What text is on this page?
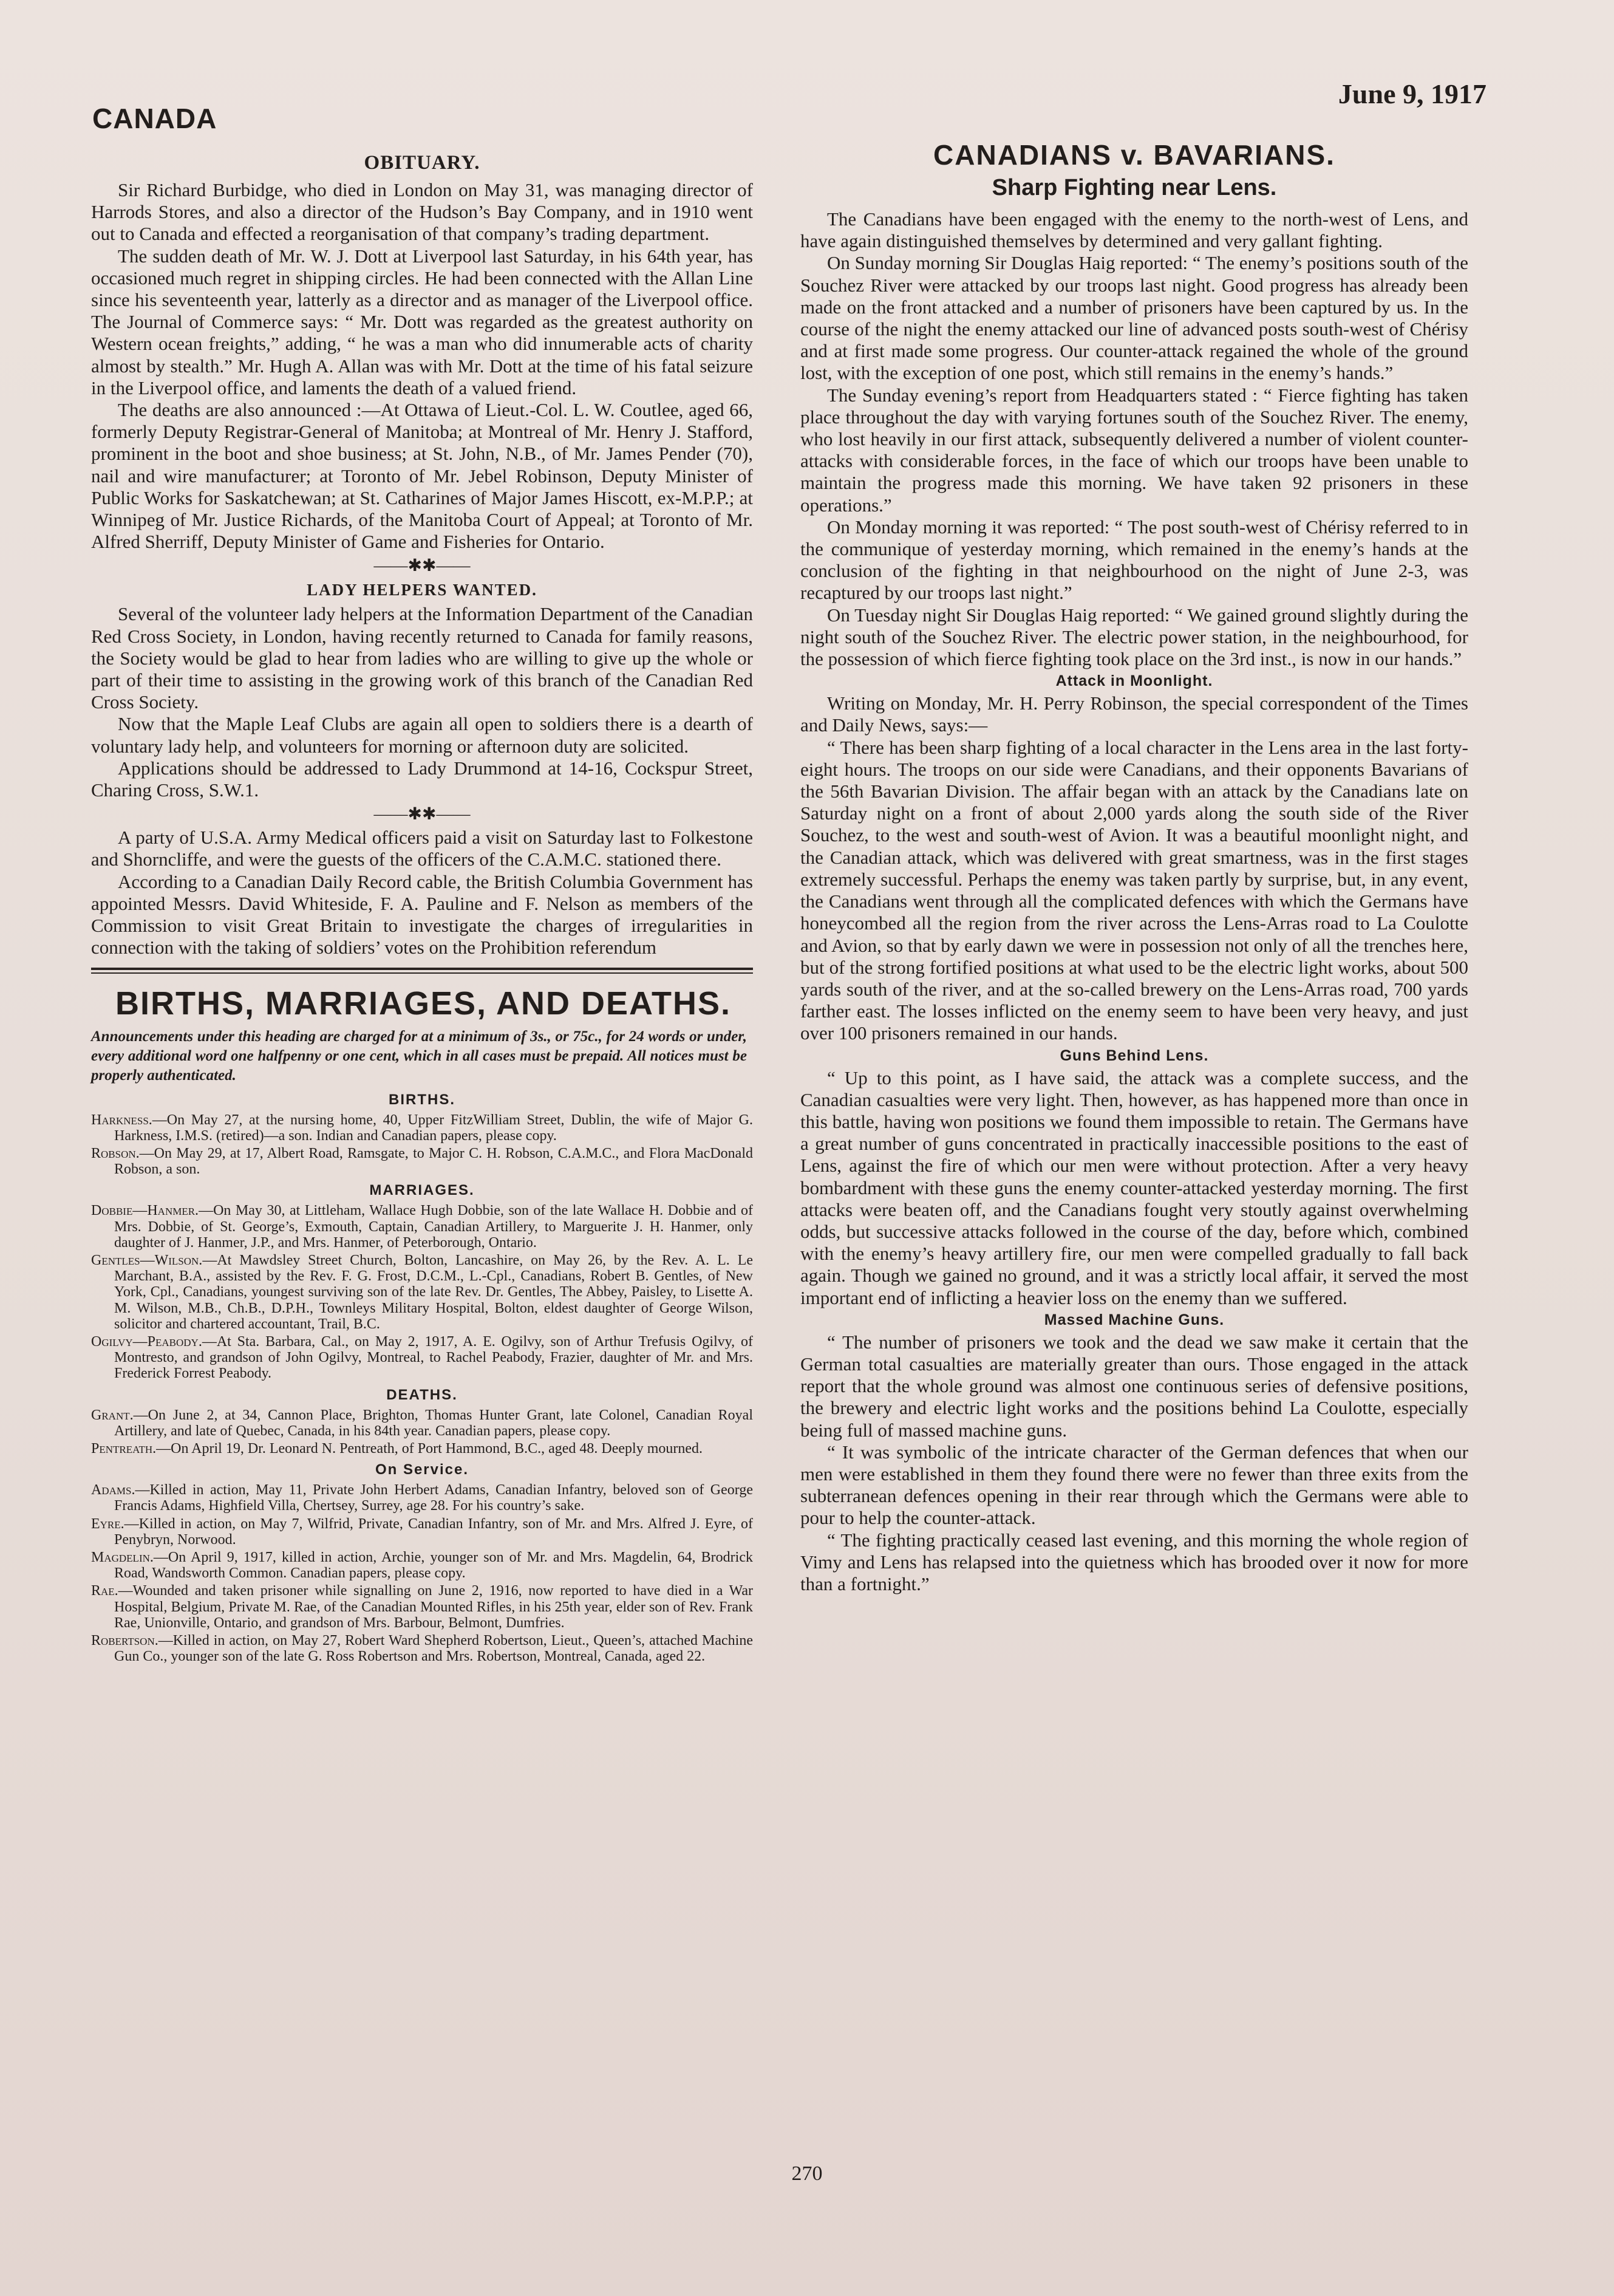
CANADA
June 9, 1917
OBITUARY.

Sir Richard Burbidge, who died in London on May 31, was managing director of Harrods Stores, and also a director of the Hudson’s Bay Company, and in 1910 went out to Canada and effected a reorganisation of that company’s trading department.

The sudden death of Mr. W. J. Dott at Liverpool last Saturday, in his 64th year, has occasioned much regret in shipping circles. He had been connected with the Allan Line since his seventeenth year, latterly as a director and as manager of the Liverpool office. The Journal of Commerce says: “ Mr. Dott was regarded as the greatest authority on Western ocean freights,” adding, “ he was a man who did innumerable acts of charity almost by stealth.” Mr. Hugh A. Allan was with Mr. Dott at the time of his fatal seizure in the Liverpool office, and laments the death of a valued friend.

The deaths are also announced :—At Ottawa of Lieut.-Col. L. W. Coutlee, aged 66, formerly Deputy Registrar-General of Manitoba; at Montreal of Mr. Henry J. Stafford, prominent in the boot and shoe business; at St. John, N.B., of Mr. James Pender (70), nail and wire manufacturer; at Toronto of Mr. Jebel Robinson, Deputy Minister of Public Works for Saskatchewan; at St. Catharines of Major James Hiscott, ex-M.P.P.; at Winnipeg of Mr. Justice Richards, of the Manitoba Court of Appeal; at Toronto of Mr. Alfred Sherriff, Deputy Minister of Game and Fisheries for Ontario.

——✱✱——
LADY HELPERS WANTED.

Several of the volunteer lady helpers at the Information Department of the Canadian Red Cross Society, in London, having recently returned to Canada for family reasons, the Society would be glad to hear from ladies who are willing to give up the whole or part of their time to assisting in the growing work of this branch of the Canadian Red Cross Society.

Now that the Maple Leaf Clubs are again all open to soldiers there is a dearth of voluntary lady help, and volunteers for morning or afternoon duty are solicited.

Applications should be addressed to Lady Drummond at 14-16, Cockspur Street, Charing Cross, S.W.1.

——✱✱——

A party of U.S.A. Army Medical officers paid a visit on Saturday last to Folkestone and Shorncliffe, and were the guests of the officers of the C.A.M.C. stationed there.

According to a Canadian Daily Record cable, the British Columbia Government has appointed Messrs. David Whiteside, F. A. Pauline and F. Nelson as members of the Commission to visit Great Britain to investigate the charges of irregularities in connection with the taking of soldiers’ votes on the Prohibition referendum

BIRTHS, MARRIAGES, AND DEATHS.
Announcements under this heading are charged for at a minimum of 3s., or 75c., for 24 words or under, every additional word one halfpenny or one cent, which in all cases must be prepaid. All notices must be properly authenticated.
BIRTHS.
Harkness.—On May 27, at the nursing home, 40, Upper FitzWilliam Street, Dublin, the wife of Major G. Harkness, I.M.S. (retired)—a son. Indian and Canadian papers, please copy.
Robson.—On May 29, at 17, Albert Road, Ramsgate, to Major C. H. Robson, C.A.M.C., and Flora MacDonald Robson, a son.
MARRIAGES.
Dobbie—Hanmer.—On May 30, at Littleham, Wallace Hugh Dobbie, son of the late Wallace H. Dobbie and of Mrs. Dobbie, of St. George’s, Exmouth, Captain, Canadian Artillery, to Marguerite J. H. Hanmer, only daughter of J. Hanmer, J.P., and Mrs. Hanmer, of Peterborough, Ontario.
Gentles—Wilson.—At Mawdsley Street Church, Bolton, Lancashire, on May 26, by the Rev. A. L. Le Marchant, B.A., assisted by the Rev. F. G. Frost, D.C.M., L.-Cpl., Canadians, Robert B. Gentles, of New York, Cpl., Canadians, youngest surviving son of the late Rev. Dr. Gentles, The Abbey, Paisley, to Lisette A. M. Wilson, M.B., Ch.B., D.P.H., Townleys Military Hospital, Bolton, eldest daughter of George Wilson, solicitor and chartered accountant, Trail, B.C.
Ogilvy—Peabody.—At Sta. Barbara, Cal., on May 2, 1917, A. E. Ogilvy, son of Arthur Trefusis Ogilvy, of Montresto, and grandson of John Ogilvy, Montreal, to Rachel Peabody, Frazier, daughter of Mr. and Mrs. Frederick Forrest Peabody.
DEATHS.
Grant.—On June 2, at 34, Cannon Place, Brighton, Thomas Hunter Grant, late Colonel, Canadian Royal Artillery, and late of Quebec, Canada, in his 84th year. Canadian papers, please copy.
Pentreath.—On April 19, Dr. Leonard N. Pentreath, of Port Hammond, B.C., aged 48. Deeply mourned.
On Service.
Adams.—Killed in action, May 11, Private John Herbert Adams, Canadian Infantry, beloved son of George Francis Adams, Highfield Villa, Chertsey, Surrey, age 28. For his country’s sake.
Eyre.—Killed in action, on May 7, Wilfrid, Private, Canadian Infantry, son of Mr. and Mrs. Alfred J. Eyre, of Penybryn, Norwood.
Magdelin.—On April 9, 1917, killed in action, Archie, younger son of Mr. and Mrs. Magdelin, 64, Brodrick Road, Wandsworth Common. Canadian papers, please copy.
Rae.—Wounded and taken prisoner while signalling on June 2, 1916, now reported to have died in a War Hospital, Belgium, Private M. Rae, of the Canadian Mounted Rifles, in his 25th year, elder son of Rev. Frank Rae, Unionville, Ontario, and grandson of Mrs. Barbour, Belmont, Dumfries.
Robertson.—Killed in action, on May 27, Robert Ward Shepherd Robertson, Lieut., Queen’s, attached Machine Gun Co., younger son of the late G. Ross Robertson and Mrs. Robertson, Montreal, Canada, aged 22.
CANADIANS v. BAVARIANS.
Sharp Fighting near Lens.

The Canadians have been engaged with the enemy to the north-west of Lens, and have again distinguished themselves by determined and very gallant fighting.

On Sunday morning Sir Douglas Haig reported: “ The enemy’s positions south of the Souchez River were attacked by our troops last night. Good progress has already been made on the front attacked and a number of prisoners have been captured by us. In the course of the night the enemy attacked our line of advanced posts south-west of Chérisy and at first made some progress. Our counter-attack regained the whole of the ground lost, with the exception of one post, which still remains in the enemy’s hands.”

The Sunday evening’s report from Headquarters stated : “ Fierce fighting has taken place throughout the day with varying fortunes south of the Souchez River. The enemy, who lost heavily in our first attack, subsequently delivered a number of violent counter-attacks with considerable forces, in the face of which our troops have been unable to maintain the progress made this morning. We have taken 92 prisoners in these operations.”

On Monday morning it was reported: “ The post south-west of Chérisy referred to in the communique of yesterday morning, which remained in the enemy’s hands at the conclusion of the fighting in that neighbourhood on the night of June 2-3, was recaptured by our troops last night.”

On Tuesday night Sir Douglas Haig reported: “ We gained ground slightly during the night south of the Souchez River. The electric power station, in the neighbourhood, for the possession of which fierce fighting took place on the 3rd inst., is now in our hands.”

Attack in Moonlight.

Writing on Monday, Mr. H. Perry Robinson, the special correspondent of the Times and Daily News, says:—

“ There has been sharp fighting of a local character in the Lens area in the last forty-eight hours. The troops on our side were Canadians, and their opponents Bavarians of the 56th Bavarian Division. The affair began with an attack by the Canadians late on Saturday night on a front of about 2,000 yards along the south side of the River Souchez, to the west and south-west of Avion. It was a beautiful moonlight night, and the Canadian attack, which was delivered with great smartness, was in the first stages extremely successful. Perhaps the enemy was taken partly by surprise, but, in any event, the Canadians went through all the complicated defences with which the Germans have honeycombed all the region from the river across the Lens-Arras road to La Coulotte and Avion, so that by early dawn we were in possession not only of all the trenches here, but of the strong fortified positions at what used to be the electric light works, about 500 yards south of the river, and at the so-called brewery on the Lens-Arras road, 700 yards farther east. The losses inflicted on the enemy seem to have been very heavy, and just over 100 prisoners remained in our hands.

Guns Behind Lens.

“ Up to this point, as I have said, the attack was a complete success, and the Canadian casualties were very light. Then, however, as has happened more than once in this battle, having won positions we found them impossible to retain. The Germans have a great number of guns concentrated in practically inaccessible positions to the east of Lens, against the fire of which our men were without protection. After a very heavy bombardment with these guns the enemy counter-attacked yesterday morning. The first attacks were beaten off, and the Canadians fought very stoutly against overwhelming odds, but successive attacks followed in the course of the day, before which, combined with the enemy’s heavy artillery fire, our men were compelled gradually to fall back again. Though we gained no ground, and it was a strictly local affair, it served the most important end of inflicting a heavier loss on the enemy than we suffered.

Massed Machine Guns.

“ The number of prisoners we took and the dead we saw make it certain that the German total casualties are materially greater than ours. Those engaged in the attack report that the whole ground was almost one continuous series of defensive positions, the brewery and electric light works and the positions behind La Coulotte, especially being full of massed machine guns.

“ It was symbolic of the intricate character of the German defences that when our men were established in them they found there were no fewer than three exits from the subterranean defences opening in their rear through which the Germans were able to pour to help the counter-attack.

“ The fighting practically ceased last evening, and this morning the whole region of Vimy and Lens has relapsed into the quietness which has brooded over it now for more than a fortnight.”

270
